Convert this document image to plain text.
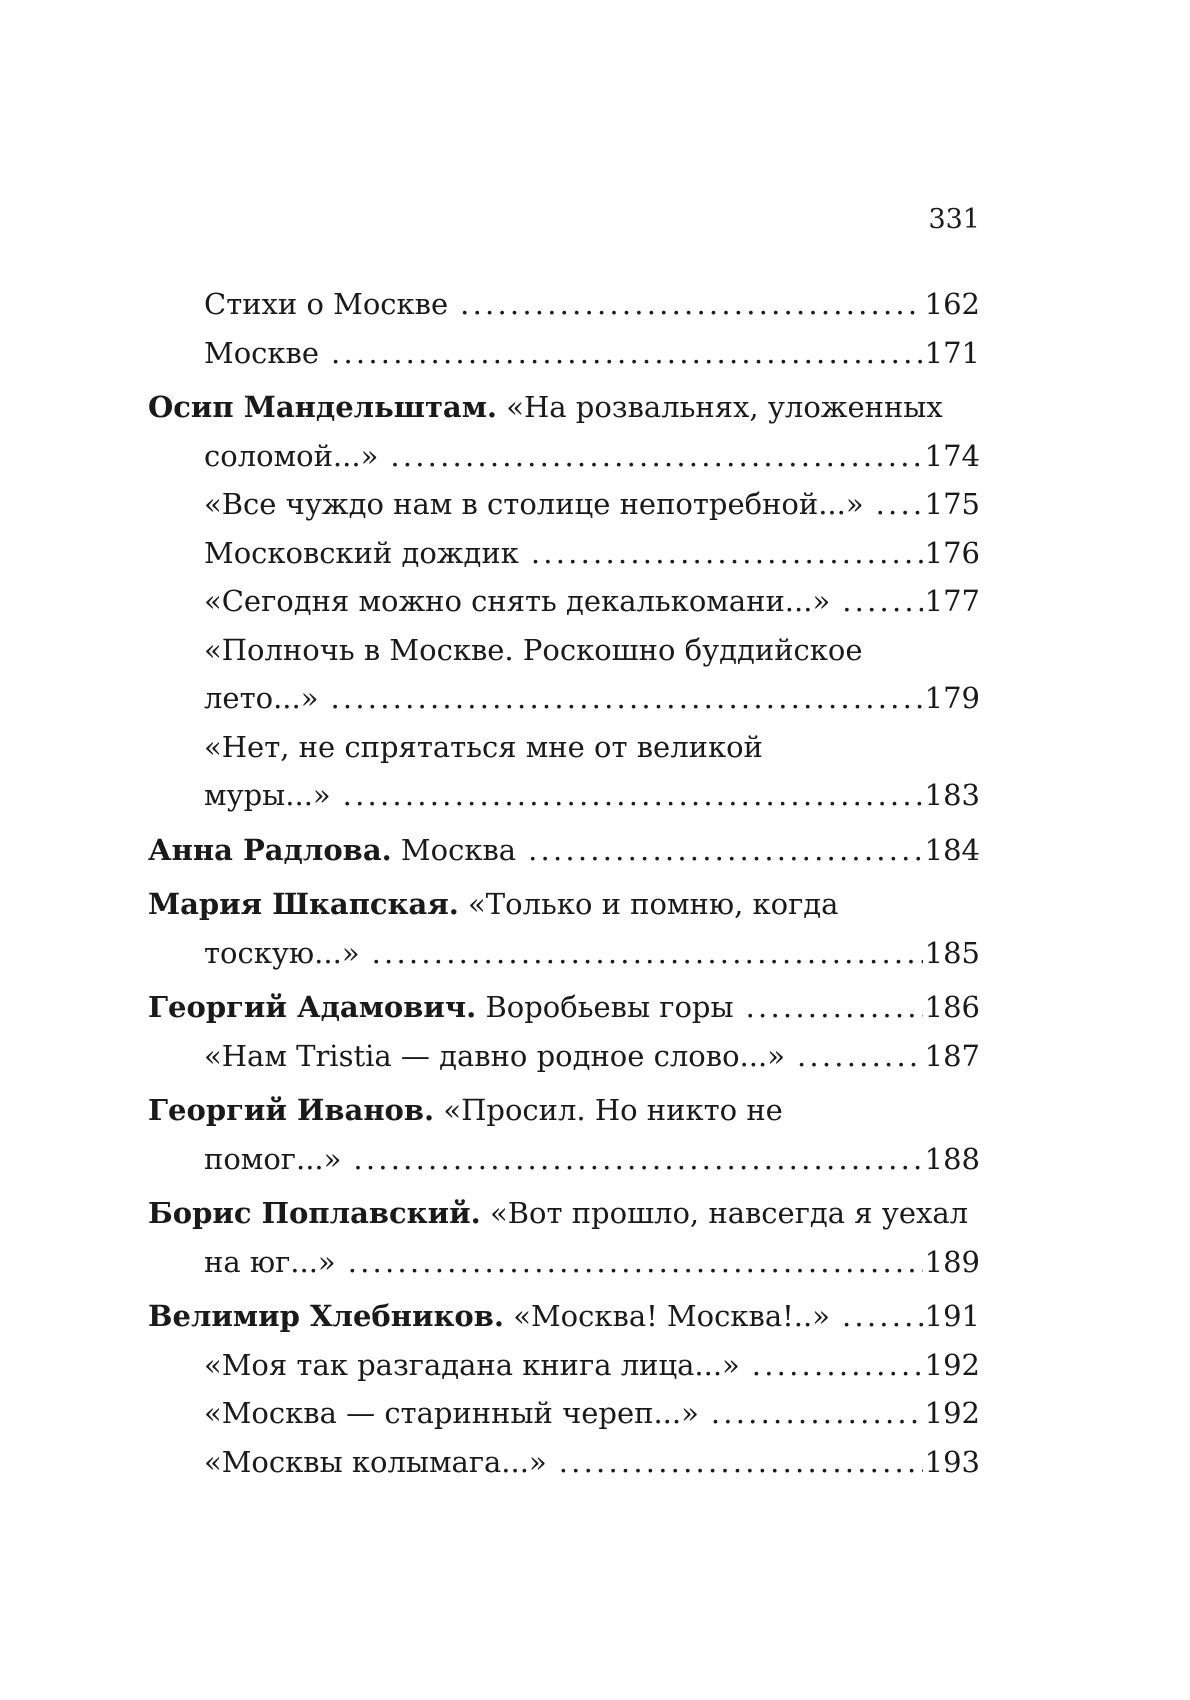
331
Стихи о Москве . . .	162
Москве . . .	171
Осип Мандельштам. «На розвальнях, уложенных
соломой...» . . .	174
«Все чуждо нам в столице непотребной...» . . . 175
Московский дождик . . .	176
«Сегодня можно снять декалькомани...» . . .	177
«Полночь в Москве. Роскошно буддийское
лето...» . . .	179
«Нет, не спрятаться мне от великой
муры...» . . .	183
Анна Радлова. Москва . . .	184
Мария Шкапская. «Только и помню, когда
тоскую...» . . .	185
Георгий Адамович. Воробьевы горы . . .	186
«Нам Tristia — давно родное слово...» . . .	187
Георгий Иванов. «Просил. Но никто не
помог...» . . .	188
Борис Поплавский. «Вот прошло, навсегда я уехал
на юг...» . . .	189
Велимир Хлебников. «Москва! Москва!..» . . .	191
«Моя так разгадана книга лица...» . . .	192
«Москва — старинный череп...» . . .	192
«Москвы колымага...» . . .	193
